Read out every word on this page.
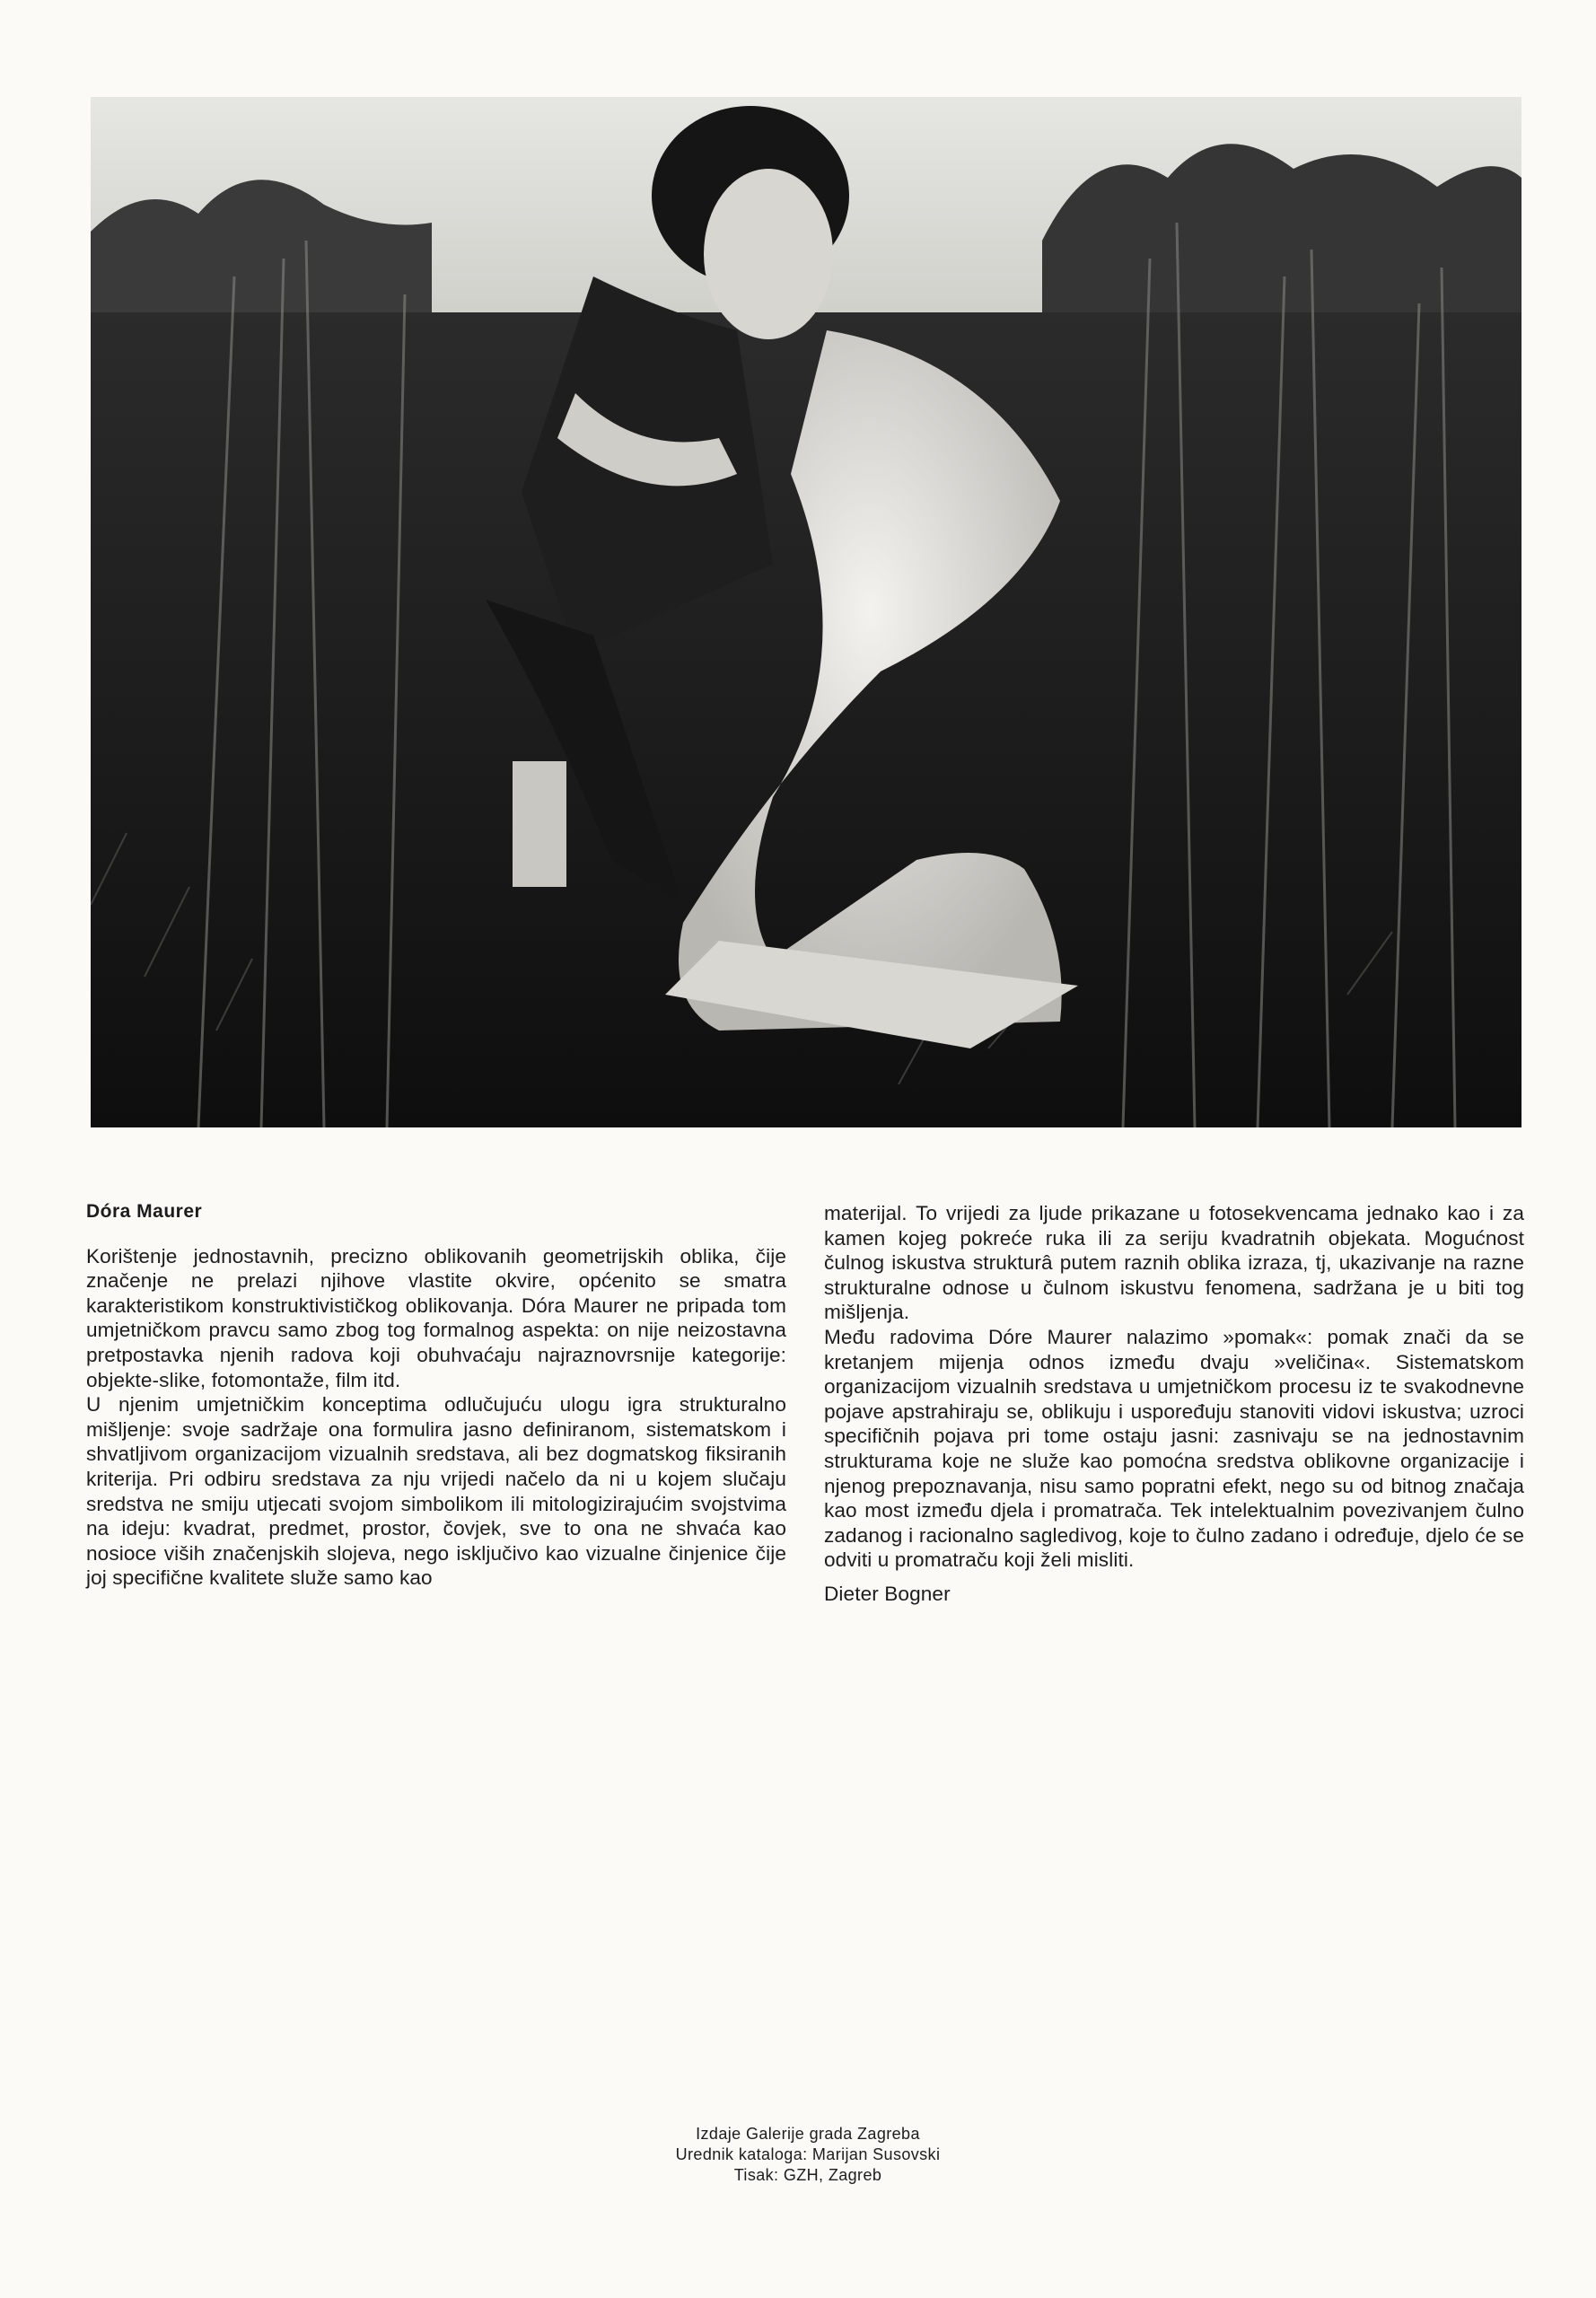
Dóra Maurer

Korištenje jednostavnih, precizno oblikovanih geometrijskih oblika, čije značenje ne prelazi njihove vlastite okvire, općenito se smatra karakteristikom konstruktivističkog oblikovanja. Dóra Maurer ne pripada tom umjetničkom pravcu samo zbog tog formalnog aspekta: on nije neizostavna pretpostavka njenih radova koji obuhvaćaju najraznovrsnije kategorije: objekte-slike, fotomontaže, film itd.

U njenim umjetničkim konceptima odlučujuću ulogu igra strukturalno mišljenje: svoje sadržaje ona formulira jasno definiranom, sistematskom i shvatljivom organizacijom vizualnih sredstava, ali bez dogmatskog fiksiranih kriterija. Pri odbiru sredstava za nju vrijedi načelo da ni u kojem slučaju sredstva ne smiju utjecati svojom simbolikom ili mitologizirajućim svojstvima na ideju: kvadrat, predmet, prostor, čovjek, sve to ona ne shvaća kao nosioce viših značenjskih slojeva, nego isključivo kao vizualne činjenice čije joj specifične kvalitete služe samo kao

materijal. To vrijedi za ljude prikazane u fotosekvencama jednako kao i za kamen kojeg pokreće ruka ili za seriju kvadratnih objekata. Mogućnost čulnog iskustva strukturâ putem raznih oblika izraza, tj, ukazivanje na razne strukturalne odnose u čulnom iskustvu fenomena, sadržana je u biti tog mišljenja.

Među radovima Dóre Maurer nalazimo »pomak«: pomak znači da se kretanjem mijenja odnos između dvaju »veličina«. Sistematskom organizacijom vizualnih sredstava u umjetničkom procesu iz te svakodnevne pojave apstrahiraju se, oblikuju i uspoređuju stanoviti vidovi iskustva; uzroci specifičnih pojava pri tome ostaju jasni: zasnivaju se na jednostavnim strukturama koje ne služe kao pomoćna sredstva oblikovne organizacije i njenog prepoznavanja, nisu samo popratni efekt, nego su od bitnog značaja kao most između djela i promatrača. Tek intelektualnim povezivanjem čulno zadanog i racionalno sagledivog, koje to čulno zadano i određuje, djelo će se odviti u promatraču koji želi misliti.

Dieter Bogner

Izdaje Galerije grada Zagreba
Urednik kataloga: Marijan Susovski
Tisak: GZH, Zagreb
